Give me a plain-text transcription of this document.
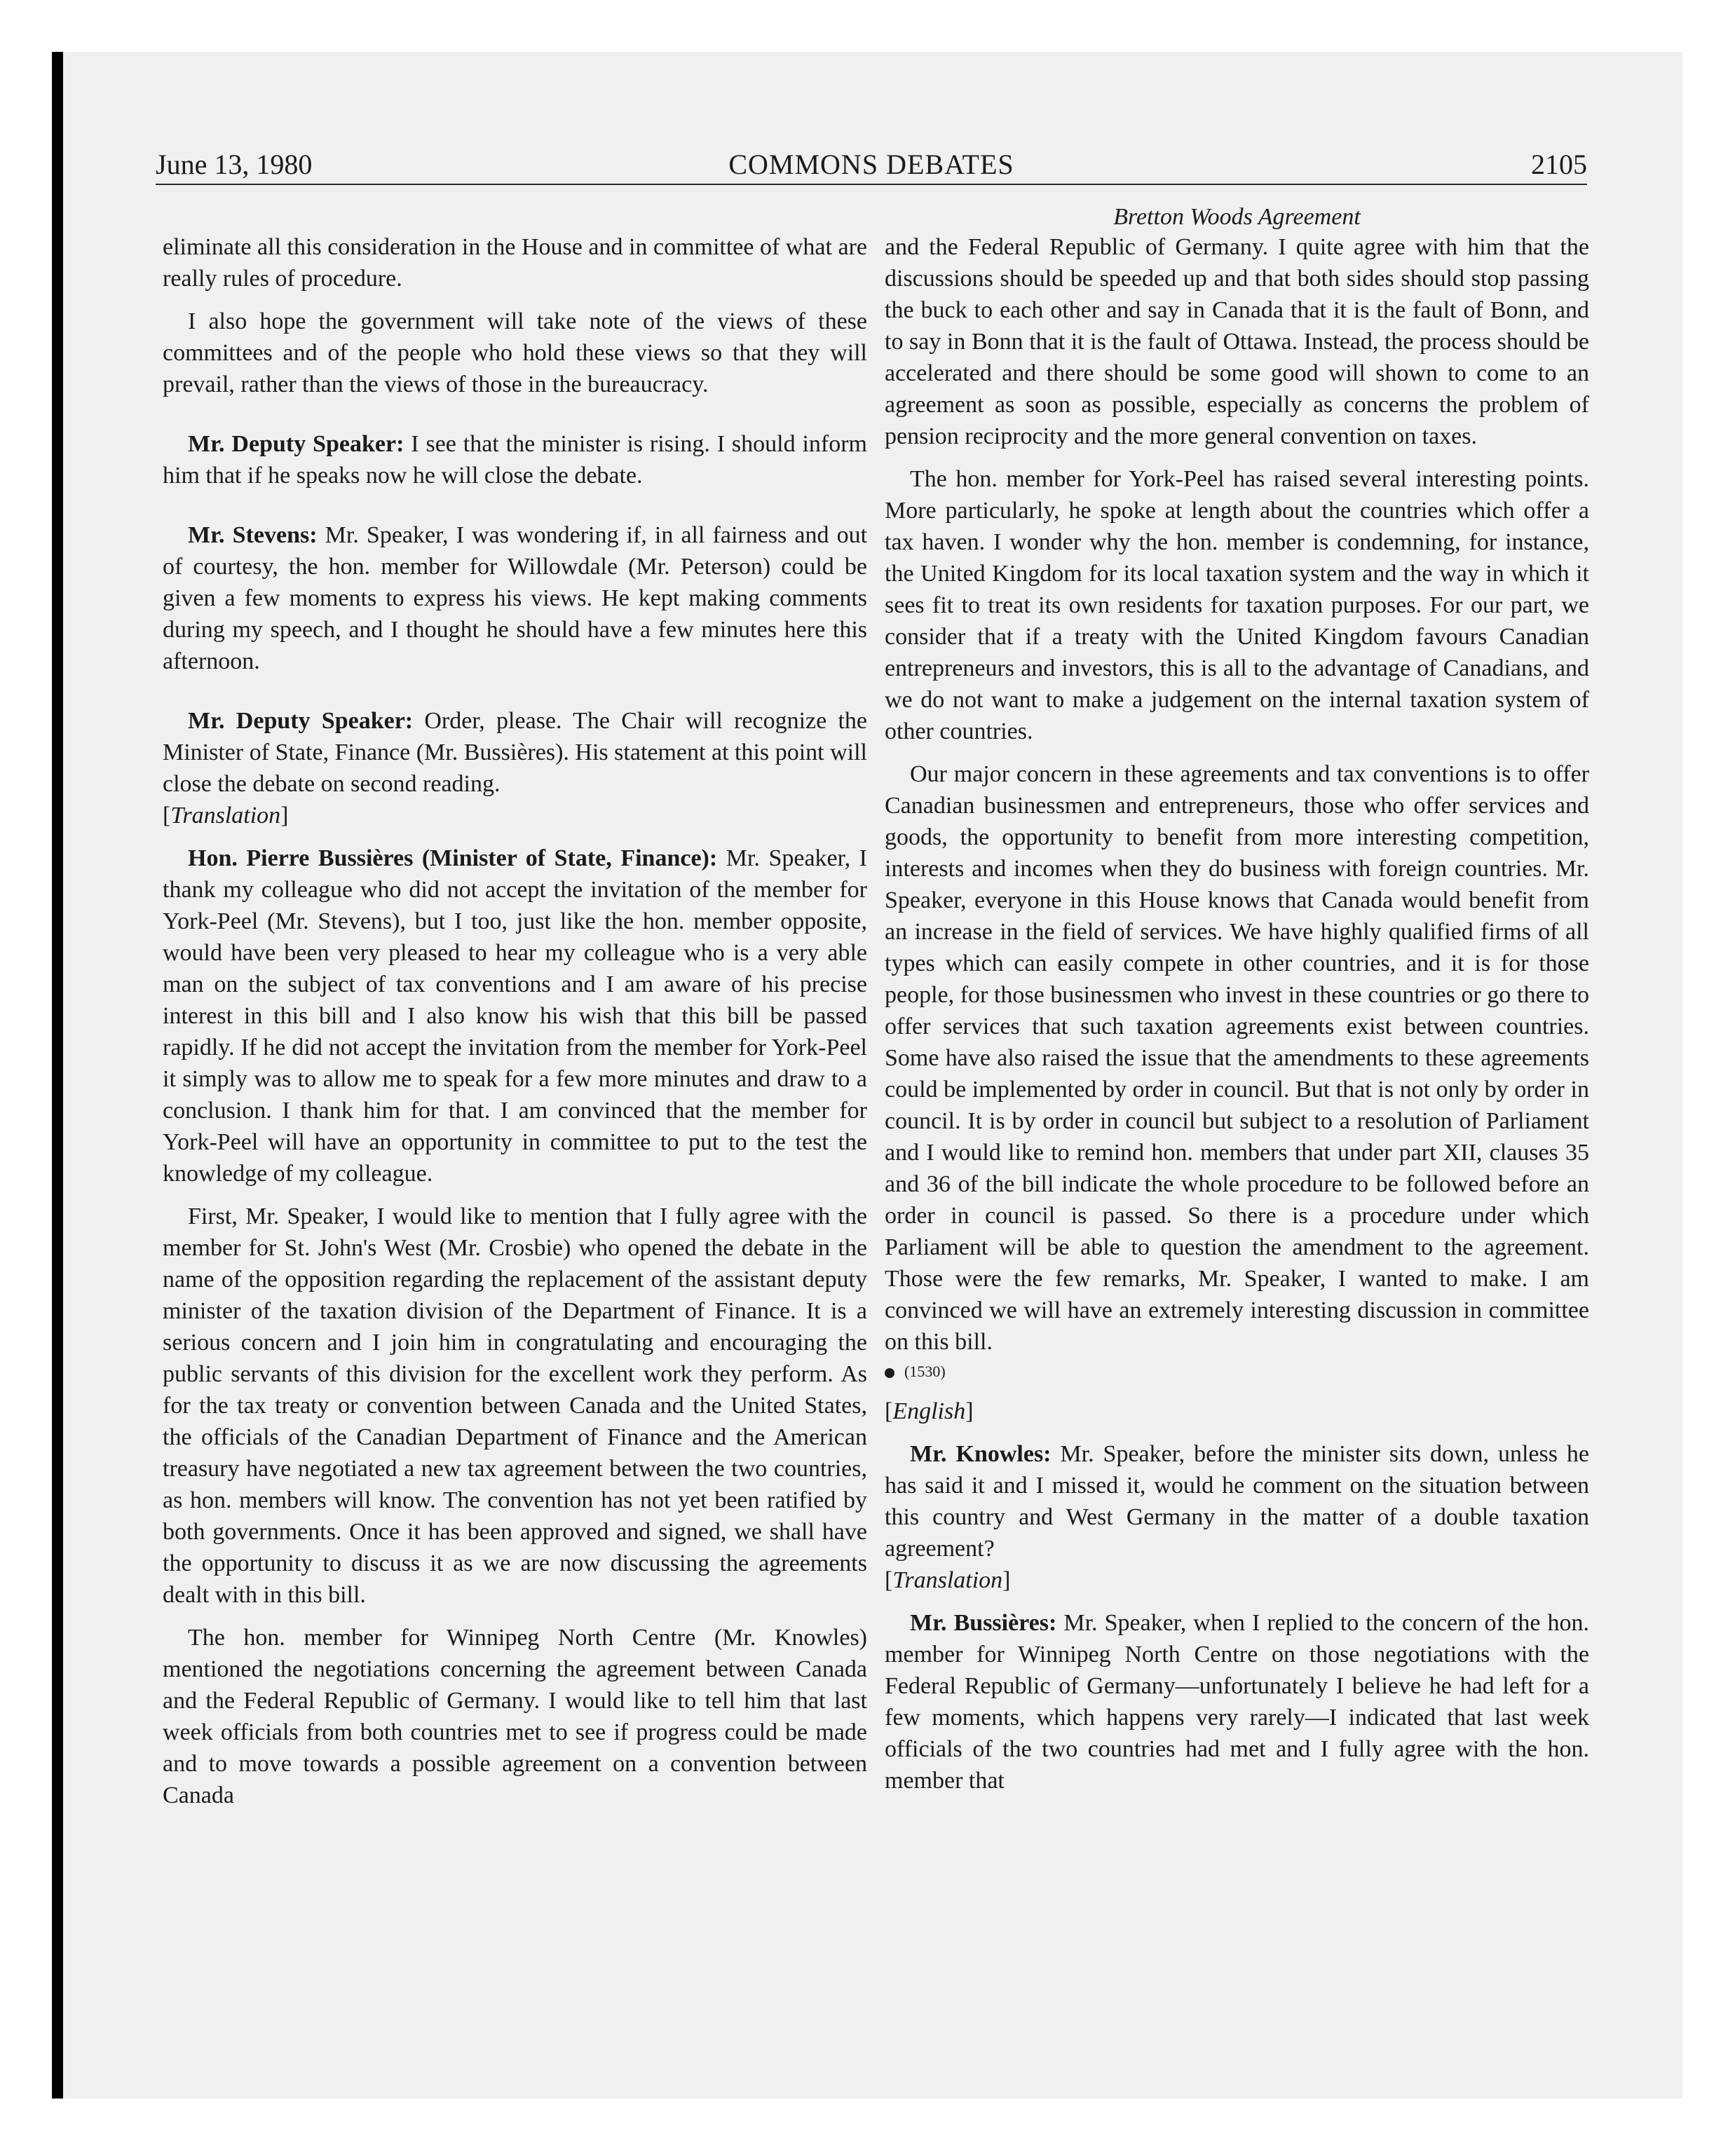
June 13, 1980	COMMONS DEBATES	2105
Bretton Woods Agreement

eliminate all this consideration in the House and in committee of what are really rules of procedure.

I also hope the government will take note of the views of these committees and of the people who hold these views so that they will prevail, rather than the views of those in the bureaucracy.

Mr. Deputy Speaker: I see that the minister is rising. I should inform him that if he speaks now he will close the debate.

Mr. Stevens: Mr. Speaker, I was wondering if, in all fairness and out of courtesy, the hon. member for Willowdale (Mr. Peterson) could be given a few moments to express his views. He kept making comments during my speech, and I thought he should have a few minutes here this afternoon.

Mr. Deputy Speaker: Order, please. The Chair will recognize the Minister of State, Finance (Mr. Bussières). His statement at this point will close the debate on second reading.

[Translation]

Hon. Pierre Bussières (Minister of State, Finance): Mr. Speaker, I thank my colleague who did not accept the invitation of the member for York-Peel (Mr. Stevens), but I too, just like the hon. member opposite, would have been very pleased to hear my colleague who is a very able man on the subject of tax conventions and I am aware of his precise interest in this bill and I also know his wish that this bill be passed rapidly. If he did not accept the invitation from the member for York-Peel it simply was to allow me to speak for a few more minutes and draw to a conclusion. I thank him for that. I am convinced that the member for York-Peel will have an opportunity in committee to put to the test the knowledge of my colleague.

First, Mr. Speaker, I would like to mention that I fully agree with the member for St. John's West (Mr. Crosbie) who opened the debate in the name of the opposition regarding the replacement of the assistant deputy minister of the taxation division of the Department of Finance. It is a serious concern and I join him in congratulating and encouraging the public servants of this division for the excellent work they perform. As for the tax treaty or convention between Canada and the United States, the officials of the Canadian Department of Finance and the American treasury have negotiated a new tax agreement between the two countries, as hon. members will know. The convention has not yet been ratified by both governments. Once it has been approved and signed, we shall have the opportunity to discuss it as we are now discussing the agreements dealt with in this bill.

The hon. member for Winnipeg North Centre (Mr. Knowles) mentioned the negotiations concerning the agreement between Canada and the Federal Republic of Germany. I would like to tell him that last week officials from both countries met to see if progress could be made and to move towards a possible agreement on a convention between Canada

and the Federal Republic of Germany. I quite agree with him that the discussions should be speeded up and that both sides should stop passing the buck to each other and say in Canada that it is the fault of Bonn, and to say in Bonn that it is the fault of Ottawa. Instead, the process should be accelerated and there should be some good will shown to come to an agreement as soon as possible, especially as concerns the problem of pension reciprocity and the more general convention on taxes.

The hon. member for York-Peel has raised several interesting points. More particularly, he spoke at length about the countries which offer a tax haven. I wonder why the hon. member is condemning, for instance, the United Kingdom for its local taxation system and the way in which it sees fit to treat its own residents for taxation purposes. For our part, we consider that if a treaty with the United Kingdom favours Canadian entrepreneurs and investors, this is all to the advantage of Canadians, and we do not want to make a judgement on the internal taxation system of other countries.

Our major concern in these agreements and tax conventions is to offer Canadian businessmen and entrepreneurs, those who offer services and goods, the opportunity to benefit from more interesting competition, interests and incomes when they do business with foreign countries. Mr. Speaker, everyone in this House knows that Canada would benefit from an increase in the field of services. We have highly qualified firms of all types which can easily compete in other countries, and it is for those people, for those businessmen who invest in these countries or go there to offer services that such taxation agreements exist between countries. Some have also raised the issue that the amendments to these agreements could be implemented by order in council. But that is not only by order in council. It is by order in council but subject to a resolution of Parliament and I would like to remind hon. members that under part XII, clauses 35 and 36 of the bill indicate the whole procedure to be followed before an order in council is passed. So there is a procedure under which Parliament will be able to question the amendment to the agreement. Those were the few remarks, Mr. Speaker, I wanted to make. I am convinced we will have an extremely interesting discussion in committee on this bill.

(1530)

[English]

Mr. Knowles: Mr. Speaker, before the minister sits down, unless he has said it and I missed it, would he comment on the situation between this country and West Germany in the matter of a double taxation agreement?

[Translation]

Mr. Bussières: Mr. Speaker, when I replied to the concern of the hon. member for Winnipeg North Centre on those negotiations with the Federal Republic of Germany—unfortunately I believe he had left for a few moments, which happens very rarely—I indicated that last week officials of the two countries had met and I fully agree with the hon. member that
